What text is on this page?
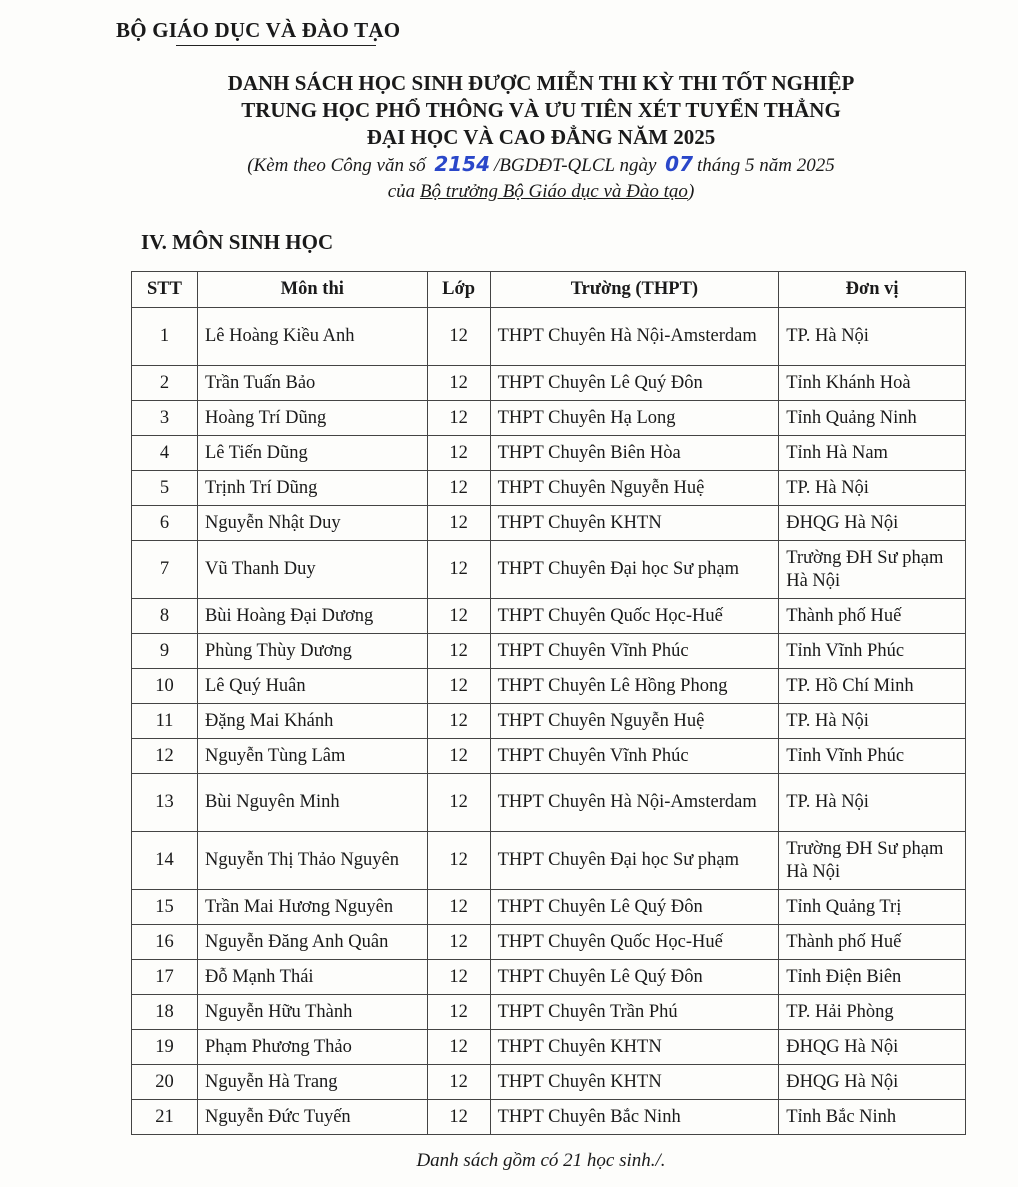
BỘ GIÁO DỤC VÀ ĐÀO TẠO
DANH SÁCH HỌC SINH ĐƯỢC MIỄN THI KỲ THI TỐT NGHIỆP
TRUNG HỌC PHỔ THÔNG VÀ ƯU TIÊN XÉT TUYỂN THẲNG
ĐẠI HỌC VÀ CAO ĐẲNG NĂM 2025
(Kèm theo Công văn số 2154 /BGDĐT-QLCL ngày 07 tháng 5 năm 2025
của Bộ trưởng Bộ Giáo dục và Đào tạo)
IV. MÔN SINH HỌC
STT	Môn thi	Lớp	Trường (THPT)	Đơn vị
1	Lê Hoàng Kiều Anh	12	THPT Chuyên Hà Nội-Amsterdam	TP. Hà Nội
2	Trần Tuấn Bảo	12	THPT Chuyên Lê Quý Đôn	Tỉnh Khánh Hoà
3	Hoàng Trí Dũng	12	THPT Chuyên Hạ Long	Tỉnh Quảng Ninh
4	Lê Tiến Dũng	12	THPT Chuyên Biên Hòa	Tỉnh Hà Nam
5	Trịnh Trí Dũng	12	THPT Chuyên Nguyễn Huệ	TP. Hà Nội
6	Nguyễn Nhật Duy	12	THPT Chuyên KHTN	ĐHQG Hà Nội
7	Vũ Thanh Duy	12	THPT Chuyên Đại học Sư phạm	Trường ĐH Sư phạm Hà Nội
8	Bùi Hoàng Đại Dương	12	THPT Chuyên Quốc Học-Huế	Thành phố Huế
9	Phùng Thùy Dương	12	THPT Chuyên Vĩnh Phúc	Tỉnh Vĩnh Phúc
10	Lê Quý Huân	12	THPT Chuyên Lê Hồng Phong	TP. Hồ Chí Minh
11	Đặng Mai Khánh	12	THPT Chuyên Nguyễn Huệ	TP. Hà Nội
12	Nguyễn Tùng Lâm	12	THPT Chuyên Vĩnh Phúc	Tỉnh Vĩnh Phúc
13	Bùi Nguyên Minh	12	THPT Chuyên Hà Nội-Amsterdam	TP. Hà Nội
14	Nguyễn Thị Thảo Nguyên	12	THPT Chuyên Đại học Sư phạm	Trường ĐH Sư phạm Hà Nội
15	Trần Mai Hương Nguyên	12	THPT Chuyên Lê Quý Đôn	Tỉnh Quảng Trị
16	Nguyễn Đăng Anh Quân	12	THPT Chuyên Quốc Học-Huế	Thành phố Huế
17	Đỗ Mạnh Thái	12	THPT Chuyên Lê Quý Đôn	Tỉnh Điện Biên
18	Nguyễn Hữu Thành	12	THPT Chuyên Trần Phú	TP. Hải Phòng
19	Phạm Phương Thảo	12	THPT Chuyên KHTN	ĐHQG Hà Nội
20	Nguyễn Hà Trang	12	THPT Chuyên KHTN	ĐHQG Hà Nội
21	Nguyễn Đức Tuyến	12	THPT Chuyên Bắc Ninh	Tỉnh Bắc Ninh
Danh sách gồm có 21 học sinh./.
